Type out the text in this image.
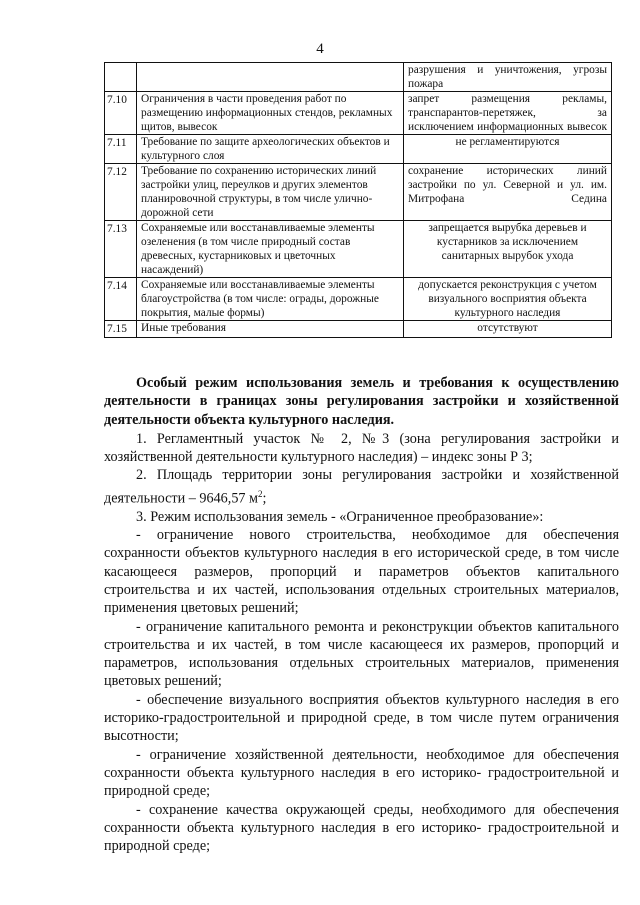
4

		разрушения и уничтожения, угрозы пожара

7.10	Ограничения в части проведения работ по размещению информационных стендов, рекламных щитов, вывесок	запрет размещения рекламы, транспарантов-перетяжек, за исключением информационных вывесок

7.11	Требование по защите археологических объектов и культурного слоя	не регламентируются

7.12	Требование по сохранению исторических линий застройки улиц, переулков и других элементов планировочной структуры, в том числе улично-дорожной сети	сохранение исторических линий застройки по ул. Северной и ул. им. Митрофана Седина

7.13	Сохраняемые или восстанавливаемые элементы озеленения (в том числе природный состав древесных, кустарниковых и цветочных насаждений)	запрещается вырубка деревьев и кустарников за исключением санитарных вырубок ухода

7.14	Сохраняемые или восстанавливаемые элементы благоустройства (в том числе: ограды, дорожные покрытия, малые формы)	допускается реконструкция с учетом визуального восприятия объекта культурного наследия

7.15	Иные требования	отсутствуют

Особый режим использования земель и требования к осуществлению деятельности в границах зоны регулирования застройки и хозяйственной деятельности объекта культурного наследия.

1. Регламентный участок № 2, №3 (зона регулирования застройки и хозяйственной деятельности культурного наследия) – индекс зоны Р 3;

2. Площадь территории зоны регулирования застройки и хозяйственной деятельности – 9646,57 $м^2$;

3. Режим использования земель - «Ограниченное преобразование»:

- ограничение нового строительства, необходимое для обеспечения сохранности объектов культурного наследия в его исторической среде, в том числе касающееся размеров, пропорций и параметров объектов капитального строительства и их частей, использования отдельных строительных материалов, применения цветовых решений;

- ограничение капитального ремонта и реконструкции объектов капитального строительства и их частей, в том числе касающееся их размеров, пропорций и параметров, использования отдельных строительных материалов, применения цветовых решений;

- обеспечение визуального восприятия объектов культурного наследия в его историко-градостроительной и природной среде, в том числе путем ограничения высотности;

- ограничение хозяйственной деятельности, необходимое для обеспечения сохранности объекта культурного наследия в его историко- градостроительной и природной среде;

- сохранение качества окружающей среды, необходимого для обеспечения сохранности объекта культурного наследия в его историко- градостроительной и природной среде;
